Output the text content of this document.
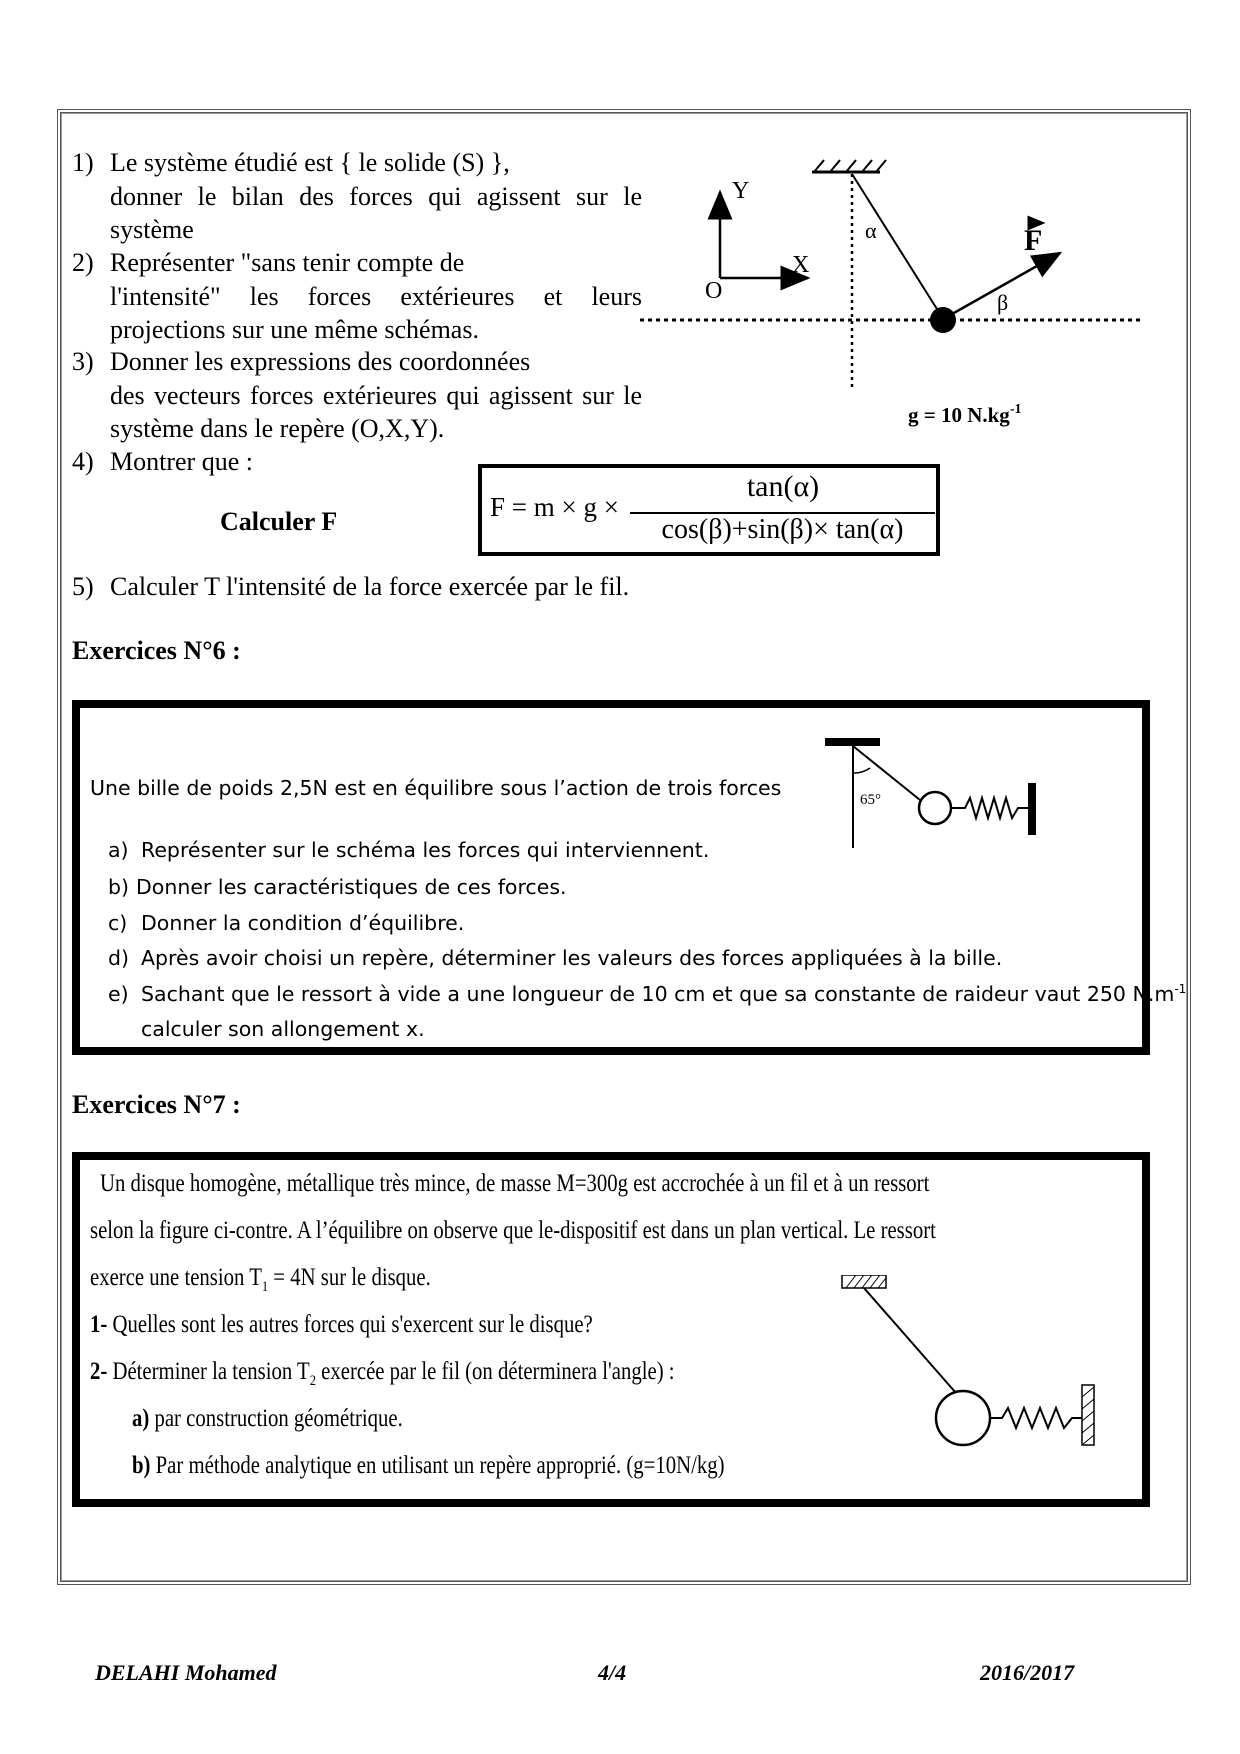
1) Le système étudié est { le solide (S) },
donner le bilan des forces qui agissent sur le système
2) Représenter "sans tenir compte de
l'intensité" les forces extérieures et leurs projections sur une même schémas.
3) Donner les expressions des coordonnées
des vecteurs forces extérieures qui agissent sur le système dans le repère (O,X,Y).
4) Montrer que :
Calculer F	F = m × g ×
tan(α)
cos(β)+sin(β)× tan(α)
5) Calculer T l'intensité de la force exercée par le fil.
Y
X
O
α
β
F
g = 10 $N.kg^{-1}$
Exercices N°6 :
Une bille de poids 2,5N est en équilibre sous l’action de trois forces	65°
a) Représenter sur le schéma les forces qui interviennent.
b) Donner les caractéristiques de ces forces.
c) Donner la condition d’équilibre.
d) Après avoir choisi un repère, déterminer les valeurs des forces appliquées à la bille.
e) Sachant que le ressort à vide a une longueur de 10 cm et que sa constante de raideur vaut 250 $N.m^{-1}$
calculer son allongement x.
Exercices N°7 :
Un disque homogène, métallique très mince, de masse M=300g est accrochée à un fil et à un ressort
selon la figure ci-contre. A l’équilibre on observe que le-dispositif est dans un plan vertical. Le ressort
exerce une tension $T_1 = 4N$ sur le disque.
1- Quelles sont les autres forces qui s'exercent sur le disque?
2- Déterminer la tension $T_2$ exercée par le fil (on déterminera l'angle) :
a) par construction géométrique.
b) Par méthode analytique en utilisant un repère approprié. (g=10N/kg)
DELAHI Mohamed	4/4	2016/2017
